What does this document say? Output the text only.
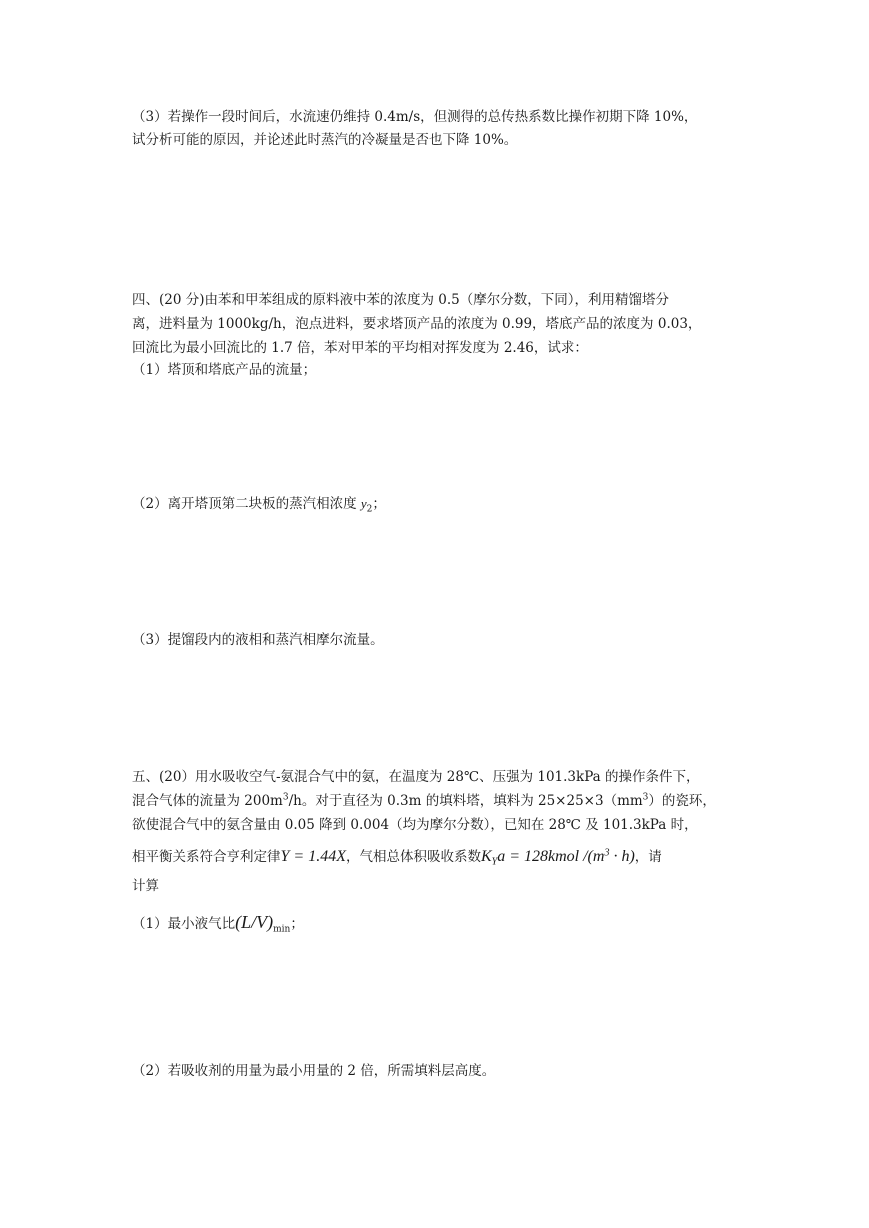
（3）若操作一段时间后，水流速仍维持 0.4m/s，但测得的总传热系数比操作初期下降 10%，

试分析可能的原因，并论述此时蒸汽的冷凝量是否也下降 10%。

四、(20 分)由苯和甲苯组成的原料液中苯的浓度为 0.5（摩尔分数，下同），利用精馏塔分

离，进料量为 1000kg/h，泡点进料，要求塔顶产品的浓度为 0.99，塔底产品的浓度为 0.03，

回流比为最小回流比的 1.7 倍，苯对甲苯的平均相对挥发度为 2.46，试求：

（1）塔顶和塔底产品的流量；

（2）离开塔顶第二块板的蒸汽相浓度 $y_2$；

（3）提馏段内的液相和蒸汽相摩尔流量。

五、(20）用水吸收空气-氨混合气中的氨，在温度为 28℃、压强为 101.3kPa 的操作条件下，

混合气体的流量为 $200m^3/h$。对于直径为 0.3m 的填料塔，填料为 $25\times 25\times 3(mm^3)$的瓷环，

欲使混合气中的氨含量由 0.05 降到 0.004（均为摩尔分数），已知在 28℃ 及 101.3kPa 时，

相平衡关系符合亨利定律Y = 1.44X，气相总体积吸收系数$K_Ya$ = 128kmol $/(m^3 \cdot h)$，请

计算

（1）最小液气比$(L/V)_{min}$；

（2）若吸收剂的用量为最小用量的 2 倍，所需填料层高度。
